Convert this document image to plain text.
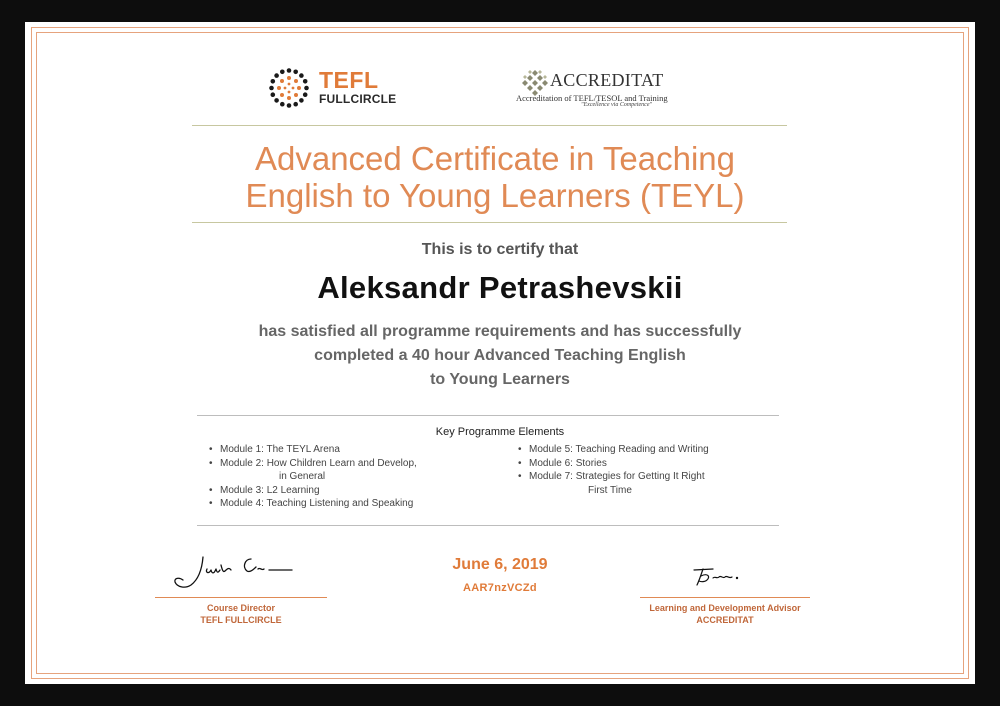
TEFL
FULLCIRCLE
ACCREDITAT
Accreditation of TEFL/TESOL and Training
"Excellence via Competence"
Advanced Certificate in Teaching
English to Young Learners (TEYL)
This is to certify that
Aleksandr Petrashevskii
has satisfied all programme requirements and has successfully
completed a 40 hour Advanced Teaching English
to Young Learners
Key Programme Elements
• Module 1: The TEYL Arena
• Module 2: How Children Learn and Develop,
in General
• Module 3: L2 Learning
• Module 4: Teaching Listening and Speaking
• Module 5: Teaching Reading and Writing
• Module 6: Stories
• Module 7: Strategies for Getting It Right
First Time
Course Director
TEFL FULLCIRCLE
June 6, 2019
AAR7nzVCZd
Learning and Development Advisor
ACCREDITAT
